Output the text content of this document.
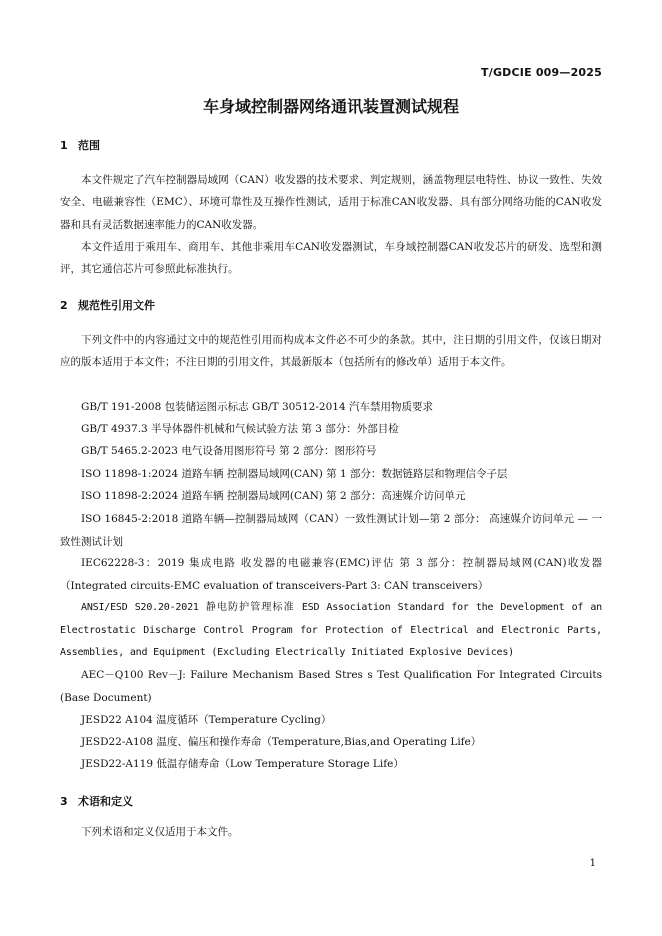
T/GDCIE 009—2025
车身域控制器网络通讯装置测试规程
1 范围

本文件规定了汽车控制器局域网（CAN）收发器的技术要求、判定规则，涵盖物理层电特性、协议一致性、失效安全、电磁兼容性（EMC）、环境可靠性及互操作性测试，适用于标准CAN收发器、具有部分网络功能的CAN收发器和具有灵活数据速率能力的CAN收发器。

本文件适用于乘用车、商用车、其他非乘用车CAN收发器测试，车身域控制器CAN收发芯片的研发、选型和测评，其它通信芯片可参照此标准执行。

2 规范性引用文件

下列文件中的内容通过文中的规范性引用而构成本文件必不可少的条款。其中，注日期的引用文件，仅该日期对应的版本适用于本文件；不注日期的引用文件，其最新版本（包括所有的修改单）适用于本文件。

GB/T 191-2008 包装储运图示标志 GB/T 30512-2014 汽车禁用物质要求

GB/T 4937.3 半导体器件机械和气候试验方法 第 3 部分：外部目检

GB/T 5465.2-2023 电气设备用图形符号 第 2 部分：图形符号

ISO 11898-1:2024 道路车辆 控制器局域网(CAN) 第 1 部分：数据链路层和物理信令子层

ISO 11898-2:2024 道路车辆 控制器局域网(CAN) 第 2 部分：高速媒介访问单元

ISO 16845-2:2018 道路车辆—控制器局域网（CAN）一致性测试计划—第 2 部分： 高速媒介访问单元 — 一致性测试计划

IEC62228-3：2019 集成电路 收发器的电磁兼容(EMC)评估 第 3 部分：控制器局域网(CAN)收发器（Integrated circuits-EMC evaluation of transceivers-Part 3: CAN transceivers）

ANSI/ESD S20.20-2021 静电防护管理标准 ESD Association Standard for the Development of an Electrostatic Discharge Control Program for Protection of Electrical and Electronic Parts, Assemblies, and Equipment (Excluding Electrically Initiated Explosive Devices)

AEC－Q100 Rev－J: Failure Mechanism Based Stres s Test Qualification For Integrated Circuits (Base Document)

JESD22 A104 温度循环（Temperature Cycling）

JESD22-A108 温度、偏压和操作寿命（Temperature,Bias,and Operating Life）

JESD22-A119 低温存储寿命（Low Temperature Storage Life）

3 术语和定义

下列术语和定义仅适用于本文件。

1
